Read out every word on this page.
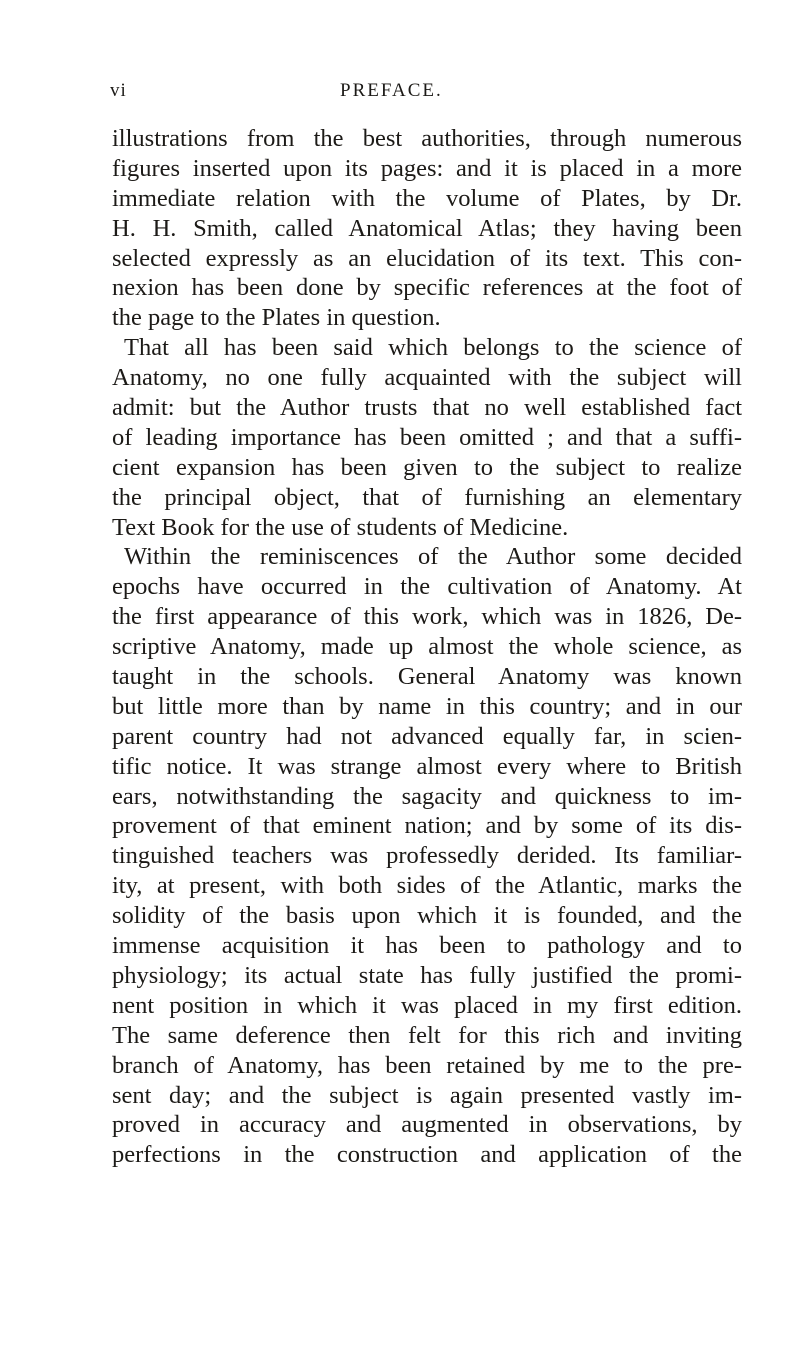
vi	PREFACE.
illustrations from the best authorities, through numerous
figures inserted upon its pages: and it is placed in a more
immediate relation with the volume of Plates, by Dr.
H. H. Smith, called Anatomical Atlas; they having been
selected expressly as an elucidation of its text. This con-
nexion has been done by specific references at the foot of
the page to the Plates in question.
That all has been said which belongs to the science of
Anatomy, no one fully acquainted with the subject will
admit: but the Author trusts that no well established fact
of leading importance has been omitted ; and that a suffi-
cient expansion has been given to the subject to realize
the principal object, that of furnishing an elementary
Text Book for the use of students of Medicine.
Within the reminiscences of the Author some decided
epochs have occurred in the cultivation of Anatomy. At
the first appearance of this work, which was in 1826, De-
scriptive Anatomy, made up almost the whole science, as
taught in the schools. General Anatomy was known
but little more than by name in this country; and in our
parent country had not advanced equally far, in scien-
tific notice. It was strange almost every where to British
ears, notwithstanding the sagacity and quickness to im-
provement of that eminent nation; and by some of its dis-
tinguished teachers was professedly derided. Its familiar-
ity, at present, with both sides of the Atlantic, marks the
solidity of the basis upon which it is founded, and the
immense acquisition it has been to pathology and to
physiology; its actual state has fully justified the promi-
nent position in which it was placed in my first edition.
The same deference then felt for this rich and inviting
branch of Anatomy, has been retained by me to the pre-
sent day; and the subject is again presented vastly im-
proved in accuracy and augmented in observations, by
perfections in the construction and application of the
